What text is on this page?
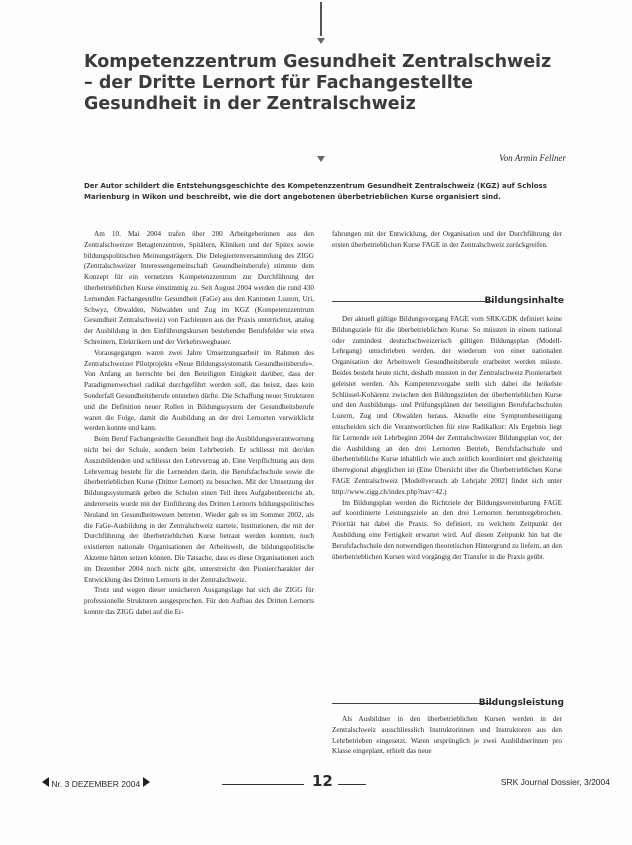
Kompetenzzentrum Gesundheit Zentralschweiz – der Dritte Lernort für Fachangestellte Gesundheit in der Zentralschweiz
Von Armin Fellner
Der Autor schildert die Entstehungsgeschichte des Kompetenzzentrum Gesundheit Zentralschweiz (KGZ) auf Schloss Marienburg in Wikon und beschreibt, wie die dort angebotenen überbetrieblichen Kurse organisiert sind.

Am 10. Mai 2004 trafen über 200 Arbeitgeberinnen aus den Zentralschweizer Betagtenzentren, Spitälern, Kliniken und der Spitex sowie bildungspolitischen Meinungsträgern. Die Delegiertenversammlung des ZIGG (Zentralschweizer Interessengemeinschaft Gesundheitsberufe) stimmte dem Konzept für ein vernetztes Kompetenzzentrum zur Durchführung der überbetrieblichen Kurse einstimmig zu. Seit August 2004 werden die rund 430 Lernenden Fachangestellte Gesundheit (FaGe) aus den Kantonen Luzern, Uri, Schwyz, Obwalden, Nidwalden und Zug im KGZ (Kompetenzzentrum Gesundheit Zentralschweiz) von Fachleuten aus der Praxis unterrichtet, analog der Ausbildung in den Einführungskursen bestehender Berufsfelder wie etwa Schreinern, Elektrikern und der Verkehrswegbauer.

Vorausgegangen waren zwei Jahre Umsetzungsarbeit im Rahmen des Zentralschweizer Pilotprojekts «Neue Bildungssystematik Gesundheitsberufe». Von Anfang an herrschte bei den Beteiligten Einigkeit darüber, dass der Paradigmenwechsel radikal durchgeführt werden soll, das heisst, dass kein Sonderfall Gesundheitsberufe entstehen dürfte. Die Schaffung neuer Strukturen und die Definition neuer Rollen in Bildungssystem der Gesundheitsberufe waren die Folge, damit die Ausbildung an der drei Lernorten verwirklicht werden konnte und kann.

Beim Beruf Fachangestellte Gesundheit liegt die Ausbildungsverantwortung nicht bei der Schule, sondern beim Lehrbetrieb. Er schliesst mit der/den Auszubildenden und schliesst den Lehrvertrag ab. Eine Verpflichtung aus dem Lehrvertrag besteht für die Lernenden darin, die Berufsfachschule sowie die überbetrieblichen Kurse (Dritter Lernort) zu besuchen. Mit der Umsetzung der Bildungssystematik geben die Schulen einen Teil ihres Aufgabenbereiche ab, andererseits wurde mit der Einführung des Dritten Lernorts bildungspolitisches Neuland im Gesundheitswesen betreten. Wieder gab es im Sommer 2002, als die FaGe-Ausbildung in der Zentralschweiz startete, Institutionen, die mit der Durchführung der überbetrieblichen Kurse betraut werden konnten, noch existierten nationale Organisationen der Arbeitswelt, die bildungspolitische Akzente hätten setzen können. Die Tatsache, dass es diese Organisationen auch im Dezember 2004 noch nicht gibt, unterstreicht den Pioniercharakter der Entwicklung des Dritten Lernorts in der Zentralschweiz.

Trotz und wegen dieser unsicheren Ausgangslage hat sich die ZIGG für professionelle Strukturen ausgesprochen. Für den Aufbau des Dritten Lernorts konnte das ZIGG dabei auf die Er-

fahrungen mit der Entwicklung, der Organisation und der Durchführung der ersten überbetrieblichen Kurse FAGE in der Zentralschweiz zurückgreifen.

Bildungsinhalte

Der aktuell gültige Bildungsvorgang FAGE vom SRK/GDK definiert keine Bildungsziele für die überbetrieblichen Kurse. So müssten in einem national oder zumindest deutschschweizerisch gültigen Bildungsplan (Modell-Lehrgang) umschrieben werden, der wiederum von einer nationalen Organisation der Arbeitswelt Gesundheitsberufe erarbeitet werden müsste. Beides besteht heute nicht, deshalb mussten in der Zentralschweiz Pionierarbeit geleistet werden. Als Kompetenzvorgabe stellt sich dabei die heikelste Schlüssel-Kohärenz zwischen den Bildungszielen der überbetrieblichen Kurse und den Ausbildungs- und Prüfungsplänen der beteiligten Berufsfachschulen Luzern, Zug und Obwalden heraus. Aktuelle eine Symptombeseitigung entscheiden sich die Verantwortlichen für eine Radikalkur: Als Ergebnis liegt für Lernende seit Lehrbeginn 2004 der Zentralschweizer Bildungsplan vor, der die Ausbildung an den drei Lernorten Betrieb, Berufsfachschule und überbetriebliche Kurse inhaltlich wie auch zeitlich koordiniert und gleichzeitig überregional abgeglichen ist (Eine Übersicht über die Überbetrieblichen Kurse FAGE Zentralschweiz [Modellversuch ab Lehrjahr 2002] findet sich unter http://www.zigg.ch/index.php?nav=42.)

Im Bildungsplan werden die Richtziele der Bildungsvereinbarung FAGE auf koordinierte Leistungsziele an den drei Lernorten heruntergebrochen. Priorität hat dabei die Praxis. So definiert, zu welchem Zeitpunkt der Ausbildung eine Fertigkeit erwartet wird. Auf diesen Zeitpunkt hin hat die Berufsfachschule den notwendigen theoretischen Hintergrund zu liefern, an den überbetrieblichen Kursen wird vorgängig der Transfer in die Praxis geübt.

Bildungsleistung

Als Ausbildner in den überbetrieblichen Kursen werden in der Zentralschweiz ausschliesslich Instruktorinnen und Instruktoren aus den Lehrbetrieben eingesetzt. Waren ursprünglich je zwei Ausbildnerinnen pro Klasse eingeplant, erhielt das neue

Nr. 3 DEZEMBER 2004	SRK Journal Dossier, 3/2004
12
